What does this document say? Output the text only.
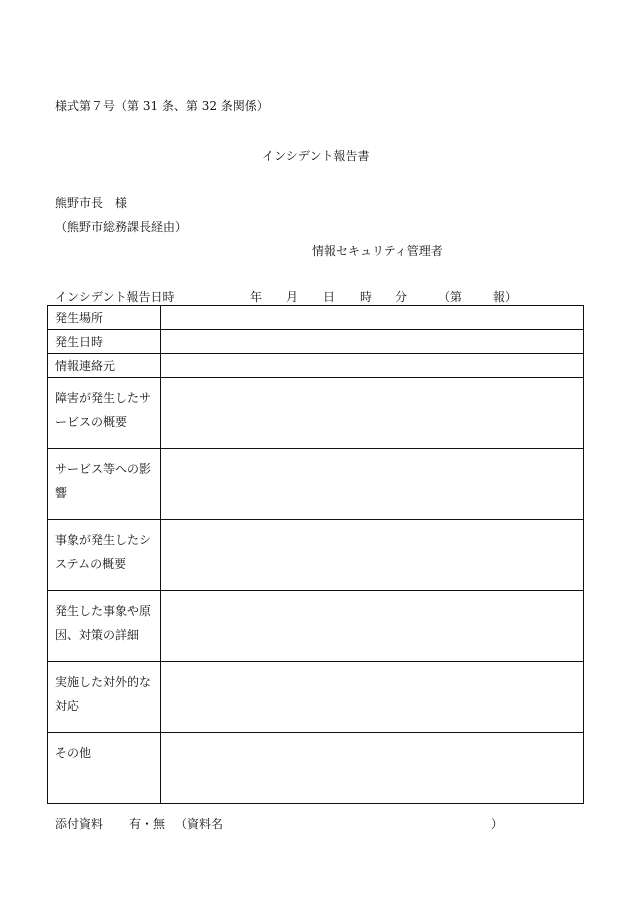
様式第７号（第 31 条、第 32 条関係）
インシデント報告書
熊野市長　様
（熊野市総務課長経由）
情報セキュリティ管理者
インシデント報告日時	年 月 日 時 分	（第	報）
発生場所	
発生日時	
情報連絡元	
障害が発生したサービスの概要	
サービス等への影響	
事象が発生したシステムの概要	
発生した事象や原因、対策の詳細	
実施した対外的な対応	
その他	
添付資料 有・無 （資料名	）
